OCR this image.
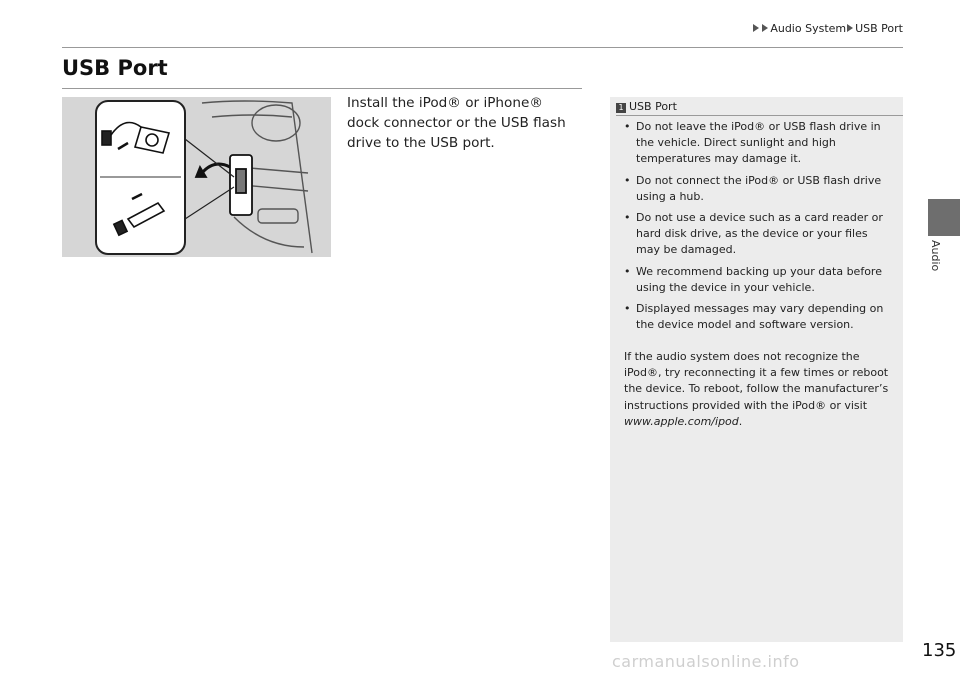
Audio System USB Port
USB Port
Install the iPod® or iPhone® dock connector or the USB flash drive to the USB port.
1 USB Port
• Do not leave the iPod® or USB flash drive in the vehicle. Direct sunlight and high temperatures may damage it.
• Do not connect the iPod® or USB flash drive using a hub.
• Do not use a device such as a card reader or hard disk drive, as the device or your files may be damaged.
• We recommend backing up your data before using the device in your vehicle.
• Displayed messages may vary depending on the device model and software version.
If the audio system does not recognize the iPod®, try reconnecting it a few times or reboot the device. To reboot, follow the manufacturer’s instructions provided with the iPod® or visit www.apple.com/ipod.
Audio
135
carmanualsonline.info
